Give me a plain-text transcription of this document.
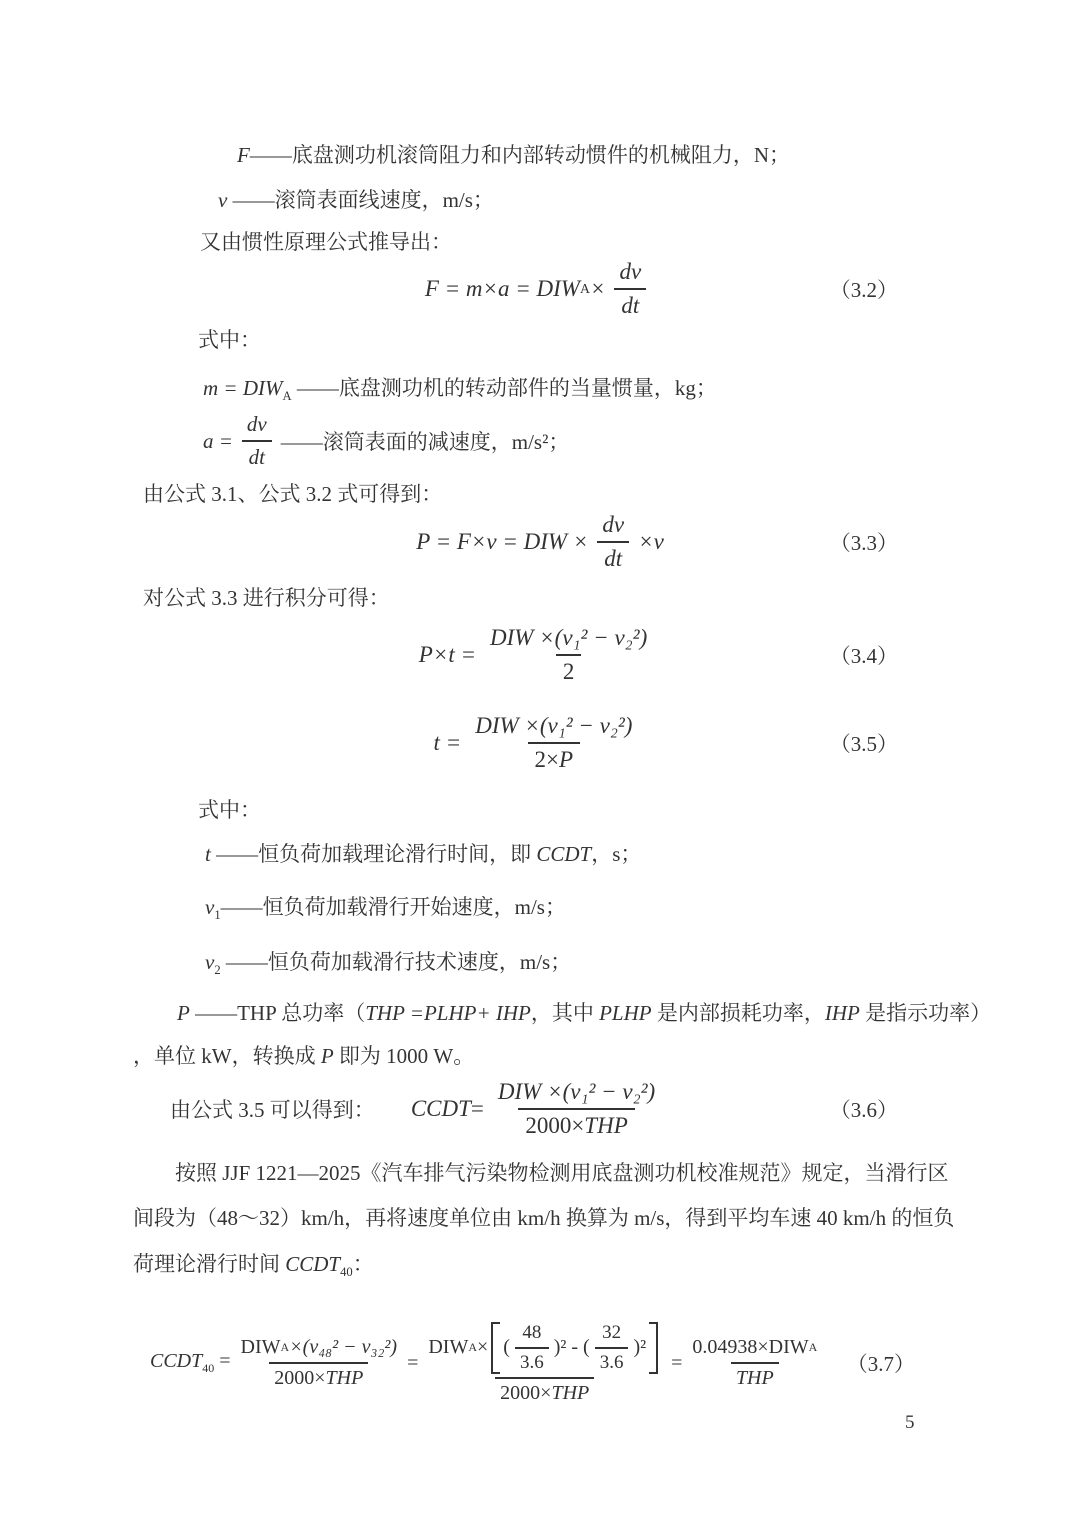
F——底盘测功机滚筒阻力和内部转动惯件的机械阻力，N；
v ——滚筒表面线速度，m/s；
又由惯性原理公式推导出：
F = m×a = DIW $A \times \frac{dv}{dt}$	（3.2）
式中：
$m = DIW_A$ ——底盘测功机的转动部件的当量惯量，kg；
$a = \frac{dv}{dt}$ ——滚筒表面的减速度，m/s²；
由公式 3.1、公式 3.2 式可得到：
P = F×v = DIW × $\frac{dv}{dt} \times v$	（3.3）
对公式 3.3 进行积分可得：
$P\times t = \frac{\text{DIW ×(v₁² − v₂²)}}{2}$	（3.4）
$t = \frac{\text{DIW ×(v₁² − v₂²)}}{2\times P}$	（3.5）
式中：
t ——恒负荷加载理论滑行时间，即 CCDT，s；
$v_1——$恒负荷加载滑行开始速度，m/s；
$v_2$ ——恒负荷加载滑行技术速度，m/s；
P ——THP 总功率（THP =PLHP+ IHP，其中 PLHP 是内部损耗功率，IHP 是指示功率）
，单位 kW，转换成 P 即为 1000 W。
由公式 3.5 可以得到： CCDT = $\frac{\text{DIW ×(v₁² − v₂²)}}{\text{2000×THP}}$	（3.6）
按照 JJF 1221—2025《汽车排气污染物检测用底盘测功机校准规范》规定，当滑行区
间段为（48～32）km/h，再将速度单位由 km/h 换算为 m/s，得到平均车速 40 km/h 的恒负
荷理论滑行时间 $CCDT_{40}$：
$CCDT_{40} = \frac{\text{DIW A ×(v₄₈² − v₃₂²)}}{\text{2000×THP}}$ =
DIW A × ( $\frac{48}{3.6} )^2$ - ( $\frac{32}{3.6} )^2$
2000×THP
= $\frac{\text{0.04938×DIW A}}{\text{THP}} (3.7)$
5
